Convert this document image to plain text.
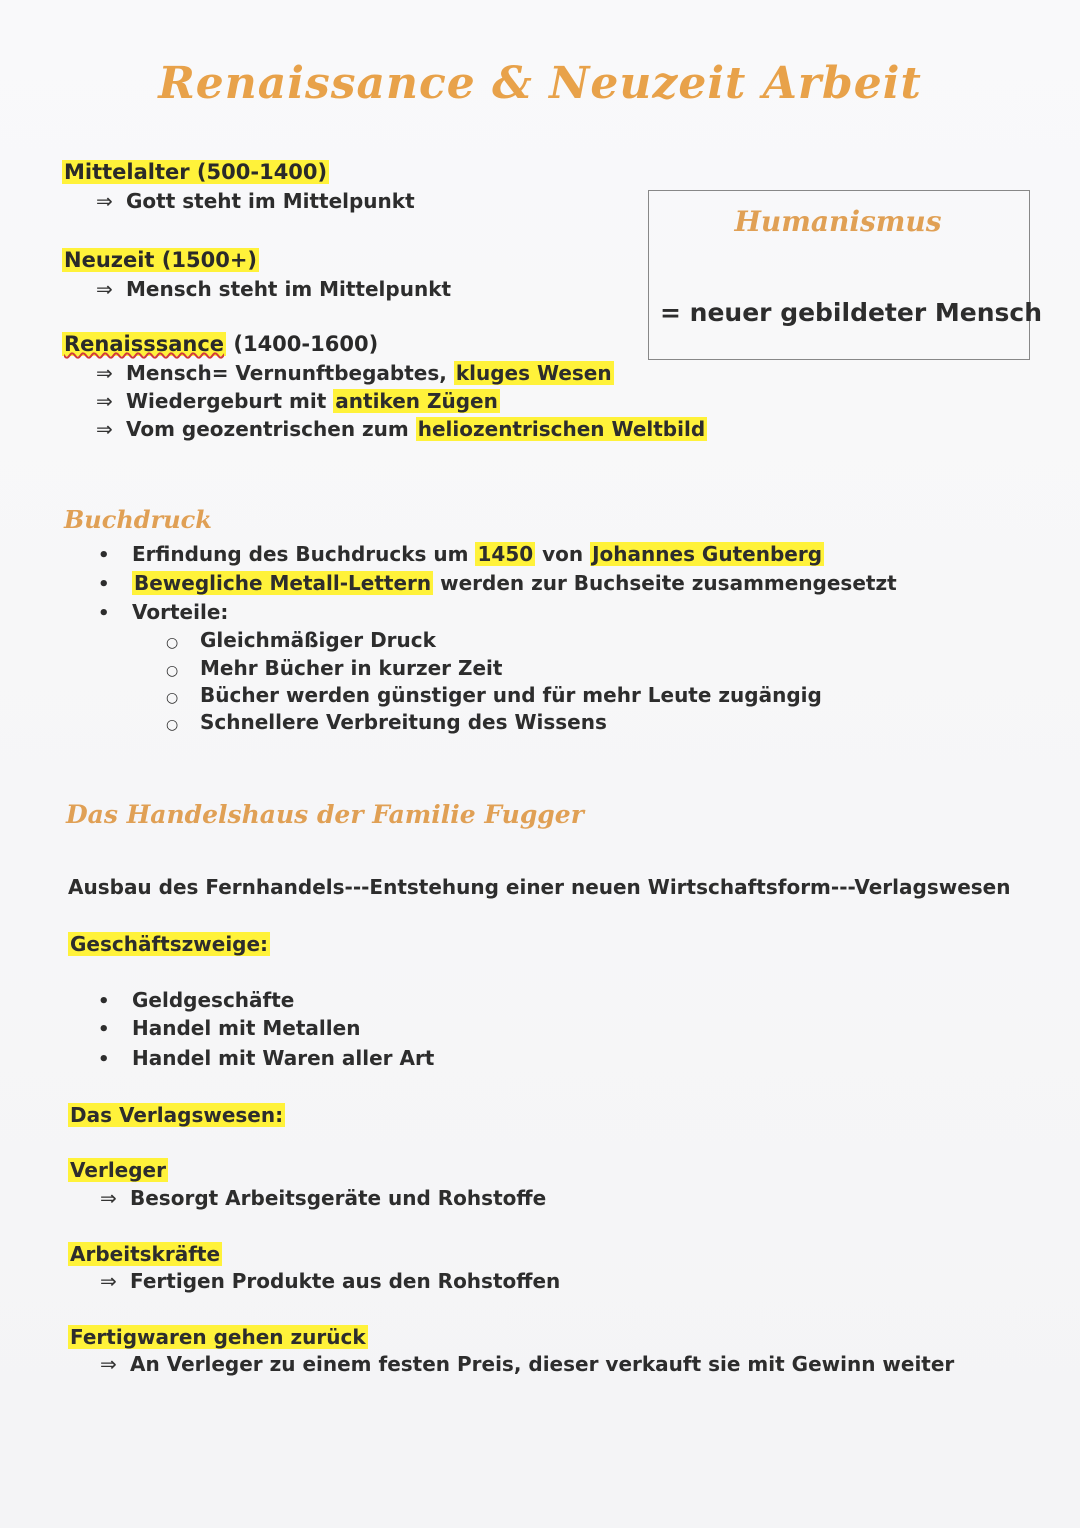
Renaissance & Neuzeit Arbeit
Mittelalter (500-1400)
⇒ Gott steht im Mittelpunkt
Neuzeit (1500+)
⇒ Mensch steht im Mittelpunkt
Humanismus
= neuer gebildeter Mensch
Renaisssance (1400-1600)
⇒ Mensch= Vernunftbegabtes, kluges Wesen
⇒ Wiedergeburt mit antiken Zügen
⇒ Vom geozentrischen zum heliozentrischen Weltbild
Buchdruck
• Erfindung des Buchdrucks um 1450 von Johannes Gutenberg
• Bewegliche Metall-Lettern werden zur Buchseite zusammengesetzt
• Vorteile:
○ Gleichmäßiger Druck
○ Mehr Bücher in kurzer Zeit
○ Bücher werden günstiger und für mehr Leute zugängig
○ Schnellere Verbreitung des Wissens
Das Handelshaus der Familie Fugger
Ausbau des Fernhandels---Entstehung einer neuen Wirtschaftsform---Verlagswesen
Geschäftszweige:
• Geldgeschäfte
• Handel mit Metallen
• Handel mit Waren aller Art
Das Verlagswesen:
Verleger
⇒ Besorgt Arbeitsgeräte und Rohstoffe
Arbeitskräfte
⇒ Fertigen Produkte aus den Rohstoffen
Fertigwaren gehen zurück
⇒ An Verleger zu einem festen Preis, dieser verkauft sie mit Gewinn weiter
